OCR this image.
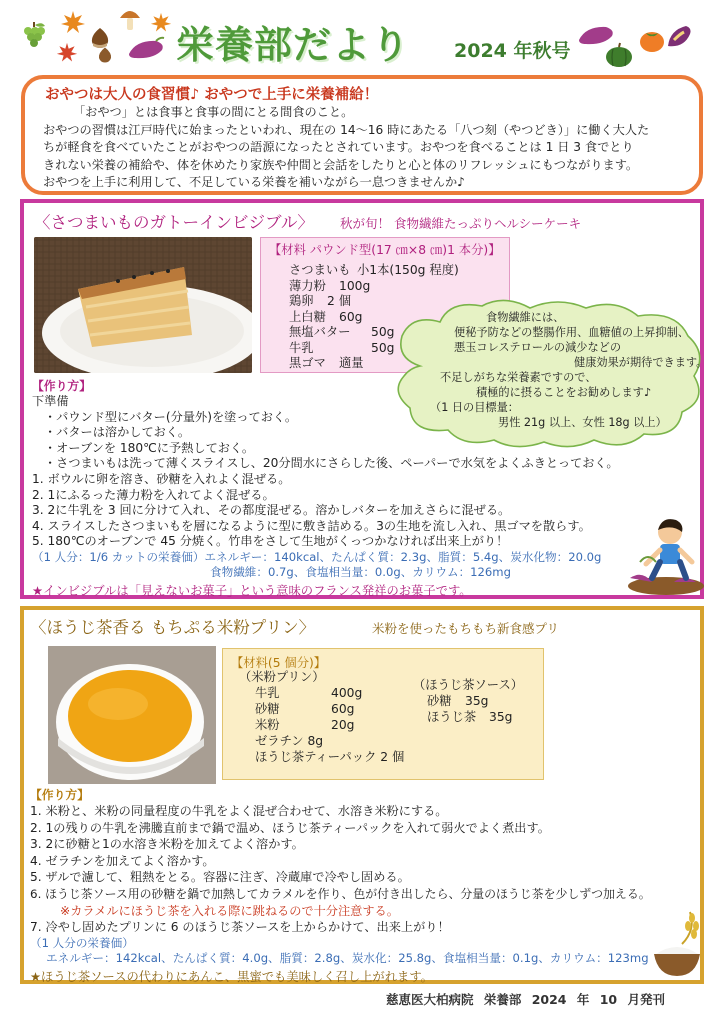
栄養部だより 2024 年秋号
おやつは大人の食習慣♪ おやつで上手に栄養補給！

「おやつ」とは食事と食事の間にとる間食のこと。

おやつの習慣は江戸時代に始まったといわれ、現在の 14～16 時にあたる「八つ刻（やつどき）」に働く大人た

ちが軽食を食べていたことがおやつの語源になったとされています。おやつを食べることは 1 日 3 食でとり

きれない栄養の補給や、体を休めたり家族や仲間と会話をしたりと心と体のリフレッシュにもつながります。

おやつを上手に利用して、不足している栄養を補いながら一息つきませんか♪

〈さつまいものガトーインビジブル〉 秋が旬！ 食物繊維たっぷりヘルシーケーキ
【材料 パウンド型(17 ㎝×8 ㎝)1 本分)】
さつまいも 小1本(150g 程度)
薄力粉 100g
鶏卵 2 個
上白糖 60g
無塩バター 50g
牛乳	50g
黒ゴマ 適量
食物繊維には、
便秘予防などの整腸作用、血糖値の上昇抑制、
悪玉コレステロールの減少などの
健康効果が期待できます。
不足しがちな栄養素ですので、
積極的に摂ることをお勧めします♪
（1 日の目標量：
男性 21g 以上、女性 18g 以上）
【作り方】
下準備
・パウンド型にバター(分量外)を塗っておく。
・バターは溶かしておく。
・オーブンを 180℃に予熱しておく。
・さつまいもは洗って薄くスライスし、20分間水にさらした後、ペーパーで水気をよくふきとっておく。
1. ボウルに卵を溶き、砂糖を入れよく混ぜる。
2. 1にふるった薄力粉を入れてよく混ぜる。
3. 2に牛乳を 3 回に分けて入れ、その都度混ぜる。溶かしバターを加えさらに混ぜる。
4. スライスしたさつまいもを層になるように型に敷き詰める。3の生地を流し入れ、黒ゴマを散らす。
5. 180℃のオーブンで 45 分焼く。竹串をさして生地がくっつかなければ出来上がり！
（1 人分：1/6 カットの栄養価）エネルギー：140kcal、たんぱく質：2.3g、脂質：5.4g、炭水化物：20.0g
食物繊維：0.7g、食塩相当量：0.0g、カリウム：126mg
★インビジブルは「見えないお菓子」という意味のフランス発祥のお菓子です。
〈ほうじ茶香る もちぷる米粉プリン〉	米粉を使ったもちもち新食感プリ
【材料(5 個分)】
（米粉プリン）
牛乳	400g
砂糖	60g
米粉	20g
ゼラチン 8g
ほうじ茶ティーパック 2 個
（ほうじ茶ソース）
砂糖 35g
ほうじ茶 35g
【作り方】
1. 米粉と、米粉の同量程度の牛乳をよく混ぜ合わせて、水溶き米粉にする。
2. 1の残りの牛乳を沸騰直前まで鍋で温め、ほうじ茶ティーパックを入れて弱火でよく煮出す。
3. 2に砂糖と1の水溶き米粉を加えてよく溶かす。
4. ゼラチンを加えてよく溶かす。
5. ザルで濾して、粗熱をとる。容器に注ぎ、冷蔵庫で冷やし固める。
6. ほうじ茶ソース用の砂糖を鍋で加熱してカラメルを作り、色が付き出したら、分量のほうじ茶を少しずつ加える。
※カラメルにほうじ茶を入れる際に跳ねるので十分注意する。
7. 冷やし固めたプリンに 6 のほうじ茶ソースを上からかけて、出来上がり！
（1 人分の栄養価）
エネルギー：142kcal、たんぱく質：4.0g、脂質：2.8g、炭水化：25.8g、食塩相当量：0.1g、カリウム：123mg
★ほうじ茶ソースの代わりにあんこ、黒蜜でも美味しく召し上がれます。
慈恵医大柏病院 栄養部 2024 年 10 月発刊
